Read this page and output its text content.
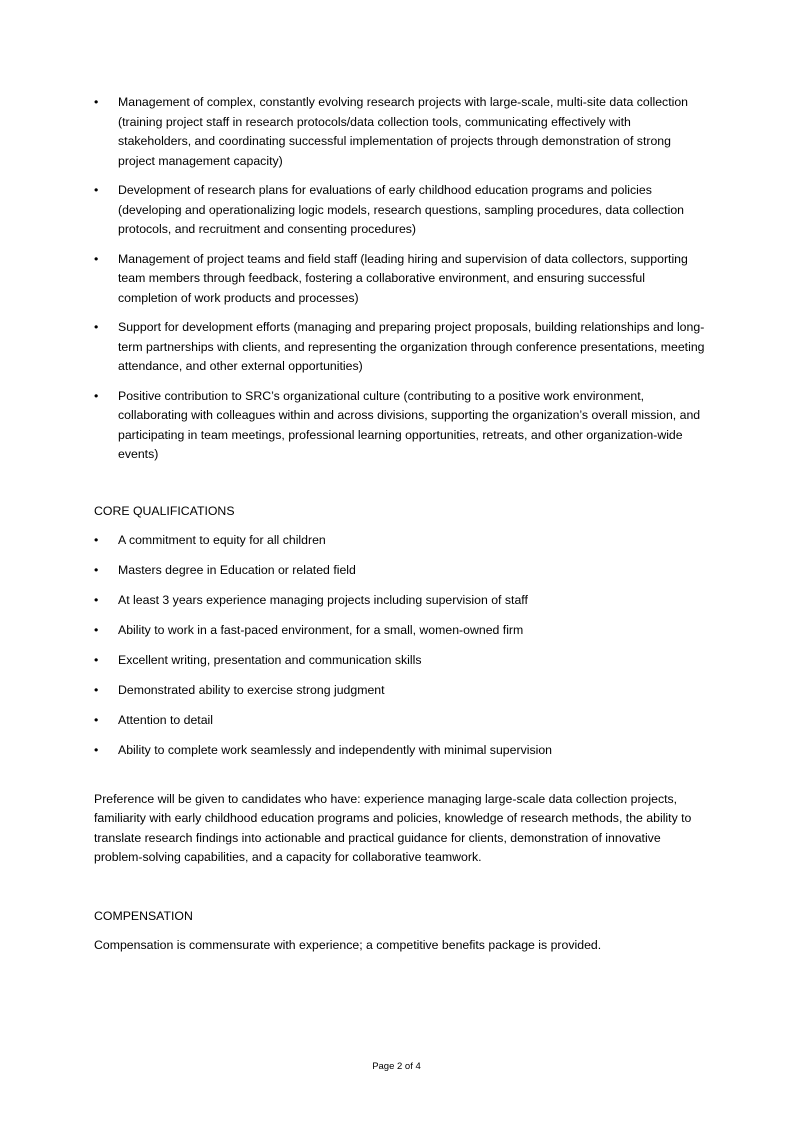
•	Management of complex, constantly evolving research projects with large-scale, multi-site data collection (training project staff in research protocols/data collection tools, communicating effectively with stakeholders, and coordinating successful implementation of projects through demonstration of strong project management capacity)
•	Development of research plans for evaluations of early childhood education programs and policies (developing and operationalizing logic models, research questions, sampling procedures, data collection protocols, and recruitment and consenting procedures)
•	Management of project teams and field staff (leading hiring and supervision of data collectors, supporting team members through feedback, fostering a collaborative environment, and ensuring successful completion of work products and processes)
•	Support for development efforts (managing and preparing project proposals, building relationships and long-term partnerships with clients, and representing the organization through conference presentations, meeting attendance, and other external opportunities)
•	Positive contribution to SRC’s organizational culture (contributing to a positive work environment, collaborating with colleagues within and across divisions, supporting the organization’s overall mission, and participating in team meetings, professional learning opportunities, retreats, and other organization-wide events)

CORE QUALIFICATIONS

•	A commitment to equity for all children
•	Masters degree in Education or related field
•	At least 3 years experience managing projects including supervision of staff
•	Ability to work in a fast-paced environment, for a small, women-owned firm
•	Excellent writing, presentation and communication skills
•	Demonstrated ability to exercise strong judgment
•	Attention to detail
•	Ability to complete work seamlessly and independently with minimal supervision

Preference will be given to candidates who have: experience managing large-scale data collection projects, familiarity with early childhood education programs and policies, knowledge of research methods, the ability to translate research findings into actionable and practical guidance for clients, demonstration of innovative problem-solving capabilities, and a capacity for collaborative teamwork.

COMPENSATION

Compensation is commensurate with experience; a competitive benefits package is provided.

Page 2 of 4
